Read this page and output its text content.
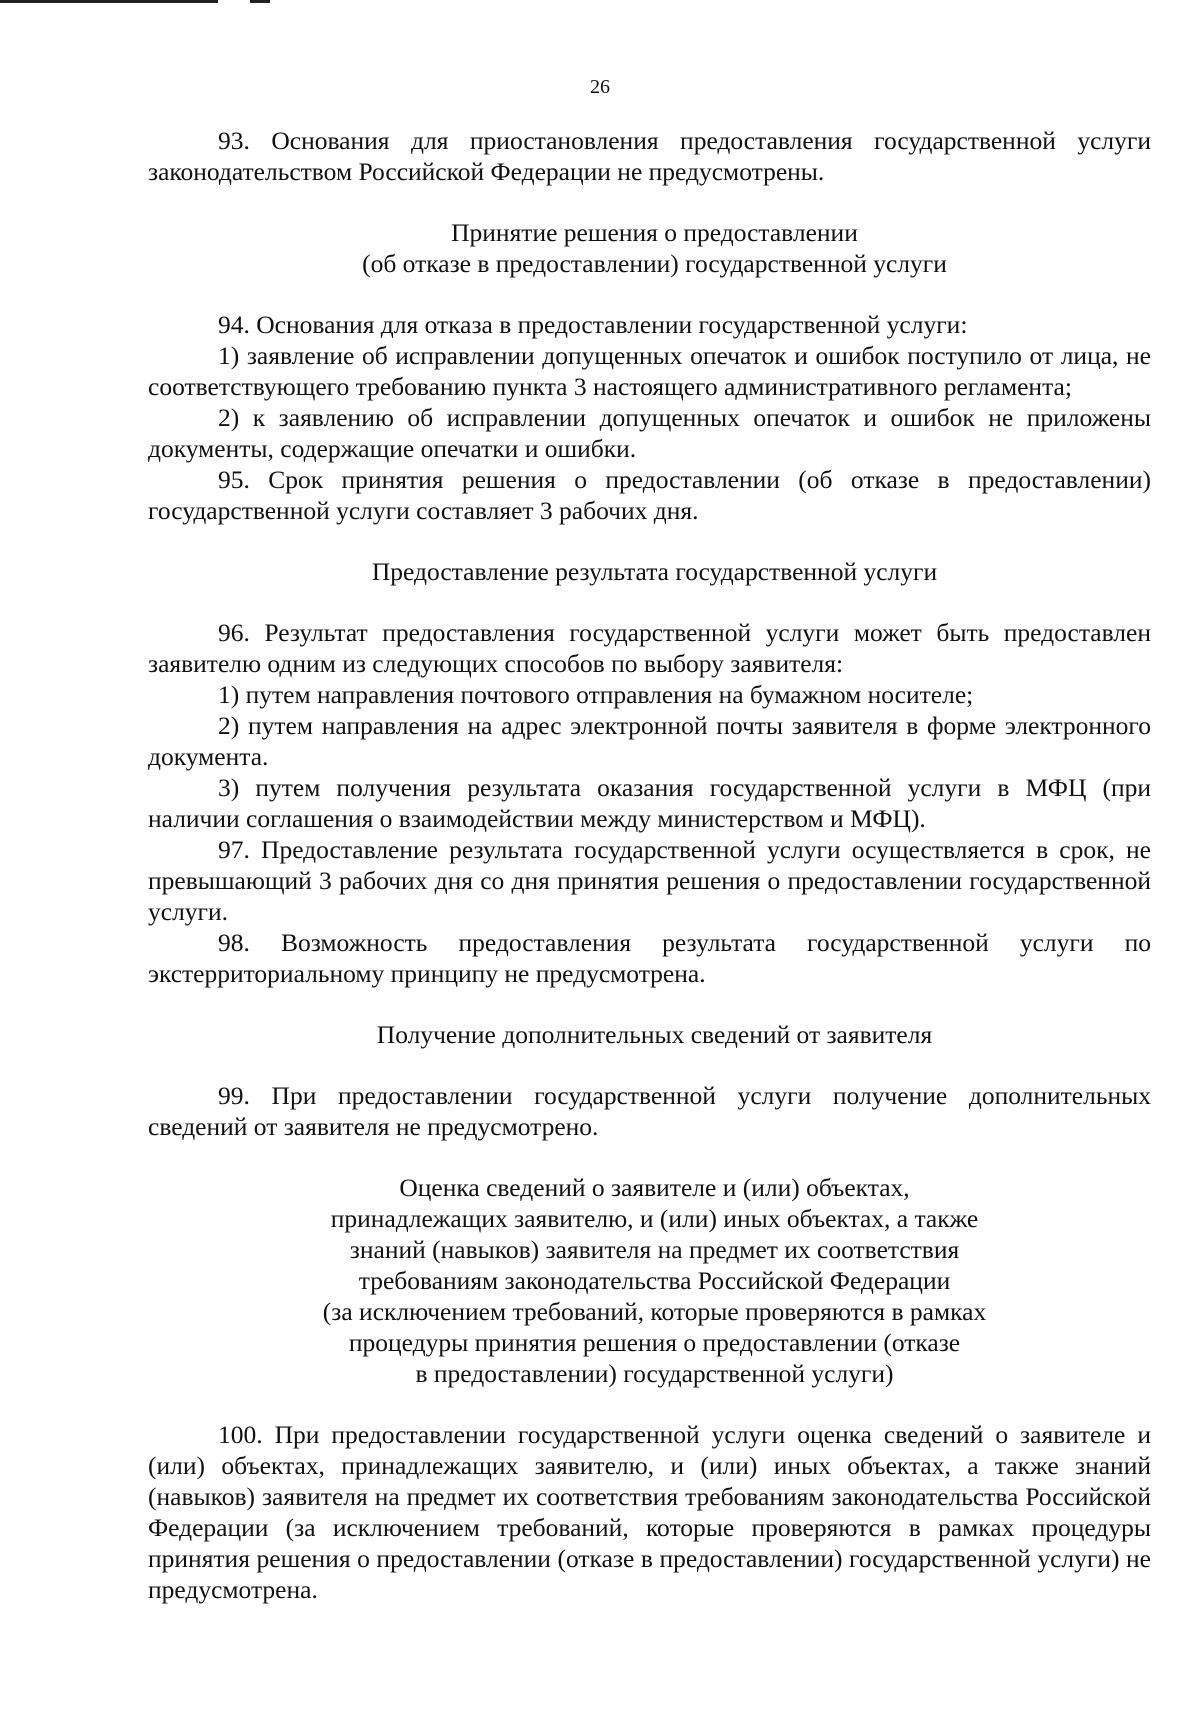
26

93. Основания для приостановления предоставления государственной услуги законодательством Российской Федерации не предусмотрены.

Принятие решения о предоставлении
(об отказе в предоставлении) государственной услуги

94. Основания для отказа в предоставлении государственной услуги:

1) заявление об исправлении допущенных опечаток и ошибок поступило от лица, не соответствующего требованию пункта 3 настоящего административного регламента;

2) к заявлению об исправлении допущенных опечаток и ошибок не приложены документы, содержащие опечатки и ошибки.

95. Срок принятия решения о предоставлении (об отказе в предоставлении) государственной услуги составляет 3 рабочих дня.

Предоставление результата государственной услуги

96. Результат предоставления государственной услуги может быть предоставлен заявителю одним из следующих способов по выбору заявителя:

1) путем направления почтового отправления на бумажном носителе;

2) путем направления на адрес электронной почты заявителя в форме электронного документа.

3) путем получения результата оказания государственной услуги в МФЦ (при наличии соглашения о взаимодействии между министерством и МФЦ).

97. Предоставление результата государственной услуги осуществляется в срок, не превышающий 3 рабочих дня со дня принятия решения о предоставлении государственной услуги.

98. Возможность предоставления результата государственной услуги по экстерриториальному принципу не предусмотрена.

Получение дополнительных сведений от заявителя

99. При предоставлении государственной услуги получение дополнительных сведений от заявителя не предусмотрено.

Оценка сведений о заявителе и (или) объектах,
принадлежащих заявителю, и (или) иных объектах, а также
знаний (навыков) заявителя на предмет их соответствия
требованиям законодательства Российской Федерации
(за исключением требований, которые проверяются в рамках
процедуры принятия решения о предоставлении (отказе
в предоставлении) государственной услуги)

100. При предоставлении государственной услуги оценка сведений о заявителе и (или) объектах, принадлежащих заявителю, и (или) иных объектах, а также знаний (навыков) заявителя на предмет их соответствия требованиям законодательства Российской Федерации (за исключением требований, которые проверяются в рамках процедуры принятия решения о предоставлении (отказе в предоставлении) государственной услуги) не предусмотрена.
